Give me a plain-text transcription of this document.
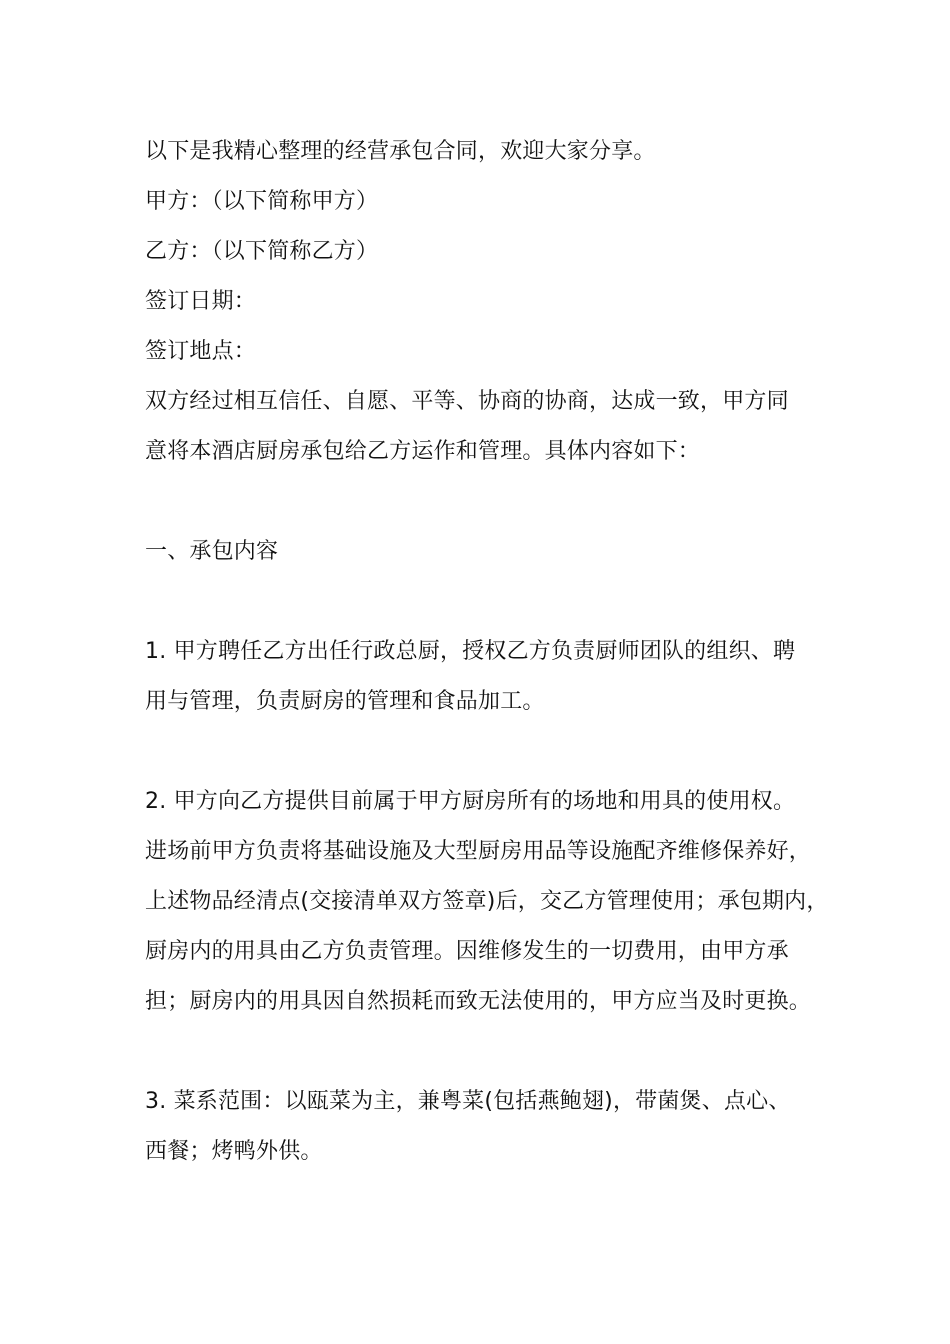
以下是我精心整理的经营承包合同，欢迎大家分享。
甲方：（以下简称甲方）
乙方：（以下简称乙方）
签订日期：
签订地点：
双方经过相互信任、自愿、平等、协商的协商，达成一致，甲方同
意将本酒店厨房承包给乙方运作和管理。具体内容如下：
一、承包内容
1. 甲方聘任乙方出任行政总厨，授权乙方负责厨师团队的组织、聘
用与管理，负责厨房的管理和食品加工。
2. 甲方向乙方提供目前属于甲方厨房所有的场地和用具的使用权。
进场前甲方负责将基础设施及大型厨房用品等设施配齐维修保养好，
上述物品经清点(交接清单双方签章)后，交乙方管理使用；承包期内，
厨房内的用具由乙方负责管理。因维修发生的一切费用，由甲方承
担；厨房内的用具因自然损耗而致无法使用的，甲方应当及时更换。
3. 菜系范围：以瓯菜为主，兼粤菜(包括燕鲍翅)，带菌煲、点心、
西餐；烤鸭外供。
